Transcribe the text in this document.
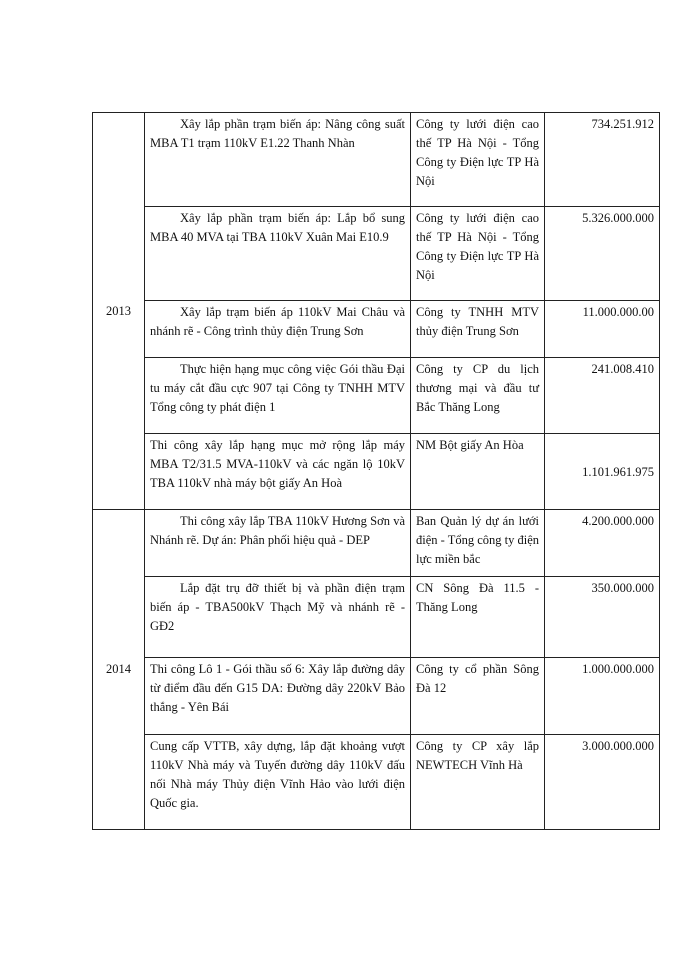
2013	Xây lắp phần trạm biến áp: Nâng công suất MBA T1 trạm 110kV E1.22 Thanh Nhàn	Công ty lưới điện cao thế TP Hà Nội - Tổng Công ty Điện lực TP Hà Nội	734.251.912

	Xây lắp phần trạm biến áp: Lắp bổ sung MBA 40 MVA tại TBA 110kV Xuân Mai E10.9	Công ty lưới điện cao thế TP Hà Nội - Tổng Công ty Điện lực TP Hà Nội	5.326.000.000

	Xây lắp trạm biến áp 110kV Mai Châu và nhánh rẽ - Công trình thủy điện Trung Sơn	Công ty TNHH MTV thủy điện Trung Sơn	11.000.000.00

	Thực hiện hạng mục công việc Gói thầu Đại tu máy cắt đầu cực 907 tại Công ty TNHH MTV Tổng công ty phát điện 1	Công ty CP du lịch thương mại và đầu tư Bắc Thăng Long	241.008.410

	Thi công xây lắp hạng mục mở rộng lắp máy MBA T2/31.5 MVA-110kV và các ngăn lộ 10kV TBA 110kV nhà máy bột giấy An Hoà	NM Bột giấy An Hòa	1.101.961.975
2014	Thi công xây lắp TBA 110kV Hương Sơn và Nhánh rẽ. Dự án: Phân phối hiệu quả - DEP	Ban Quản lý dự án lưới điện - Tổng công ty điện lực miền bắc	4.200.000.000

	Lắp đặt trụ đỡ thiết bị và phần điện trạm biến áp - TBA500kV Thạch Mỹ và nhánh rẽ - GĐ2	CN Sông Đà 11.5 - Thăng Long	350.000.000

	Thi công Lô 1 - Gói thầu số 6: Xây lắp đường dây từ điểm đầu đến G15 DA: Đường dây 220kV Bảo thắng - Yên Bái	Công ty cổ phần Sông Đà 12	1.000.000.000

	Cung cấp VTTB, xây dựng, lắp đặt khoảng vượt 110kV Nhà máy và Tuyến đường dây 110kV đấu nối Nhà máy Thủy điện Vĩnh Hảo vào lưới điện Quốc gia.	Công ty CP xây lắp NEWTECH Vĩnh Hà	3.000.000.000
